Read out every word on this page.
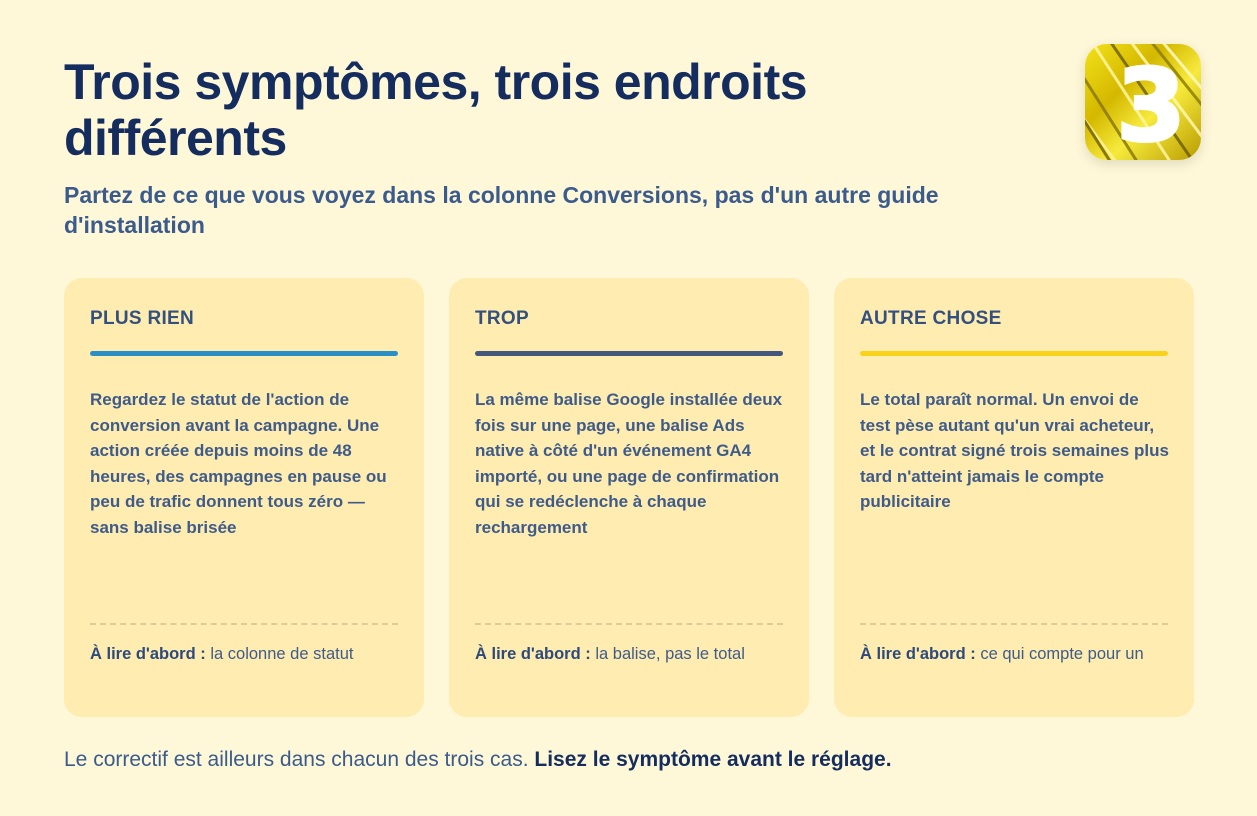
Trois symptômes, trois endroits différents

Partez de ce que vous voyez dans la colonne Conversions, pas d'un autre guide d'installation

3
PLUS RIEN
Regardez le statut de l'action de conversion avant la campagne. Une action créée depuis moins de 48 heures, des campagnes en pause ou peu de trafic donnent tous zéro — sans balise brisée
À lire d'abord : la colonne de statut
TROP
La même balise Google installée deux fois sur une page, une balise Ads native à côté d'un événement GA4 importé, ou une page de confirmation qui se redéclenche à chaque rechargement
À lire d'abord : la balise, pas le total
AUTRE CHOSE
Le total paraît normal. Un envoi de test pèse autant qu'un vrai acheteur, et le contrat signé trois semaines plus tard n'atteint jamais le compte publicitaire
À lire d'abord : ce qui compte pour un

Le correctif est ailleurs dans chacun des trois cas. Lisez le symptôme avant le réglage.
